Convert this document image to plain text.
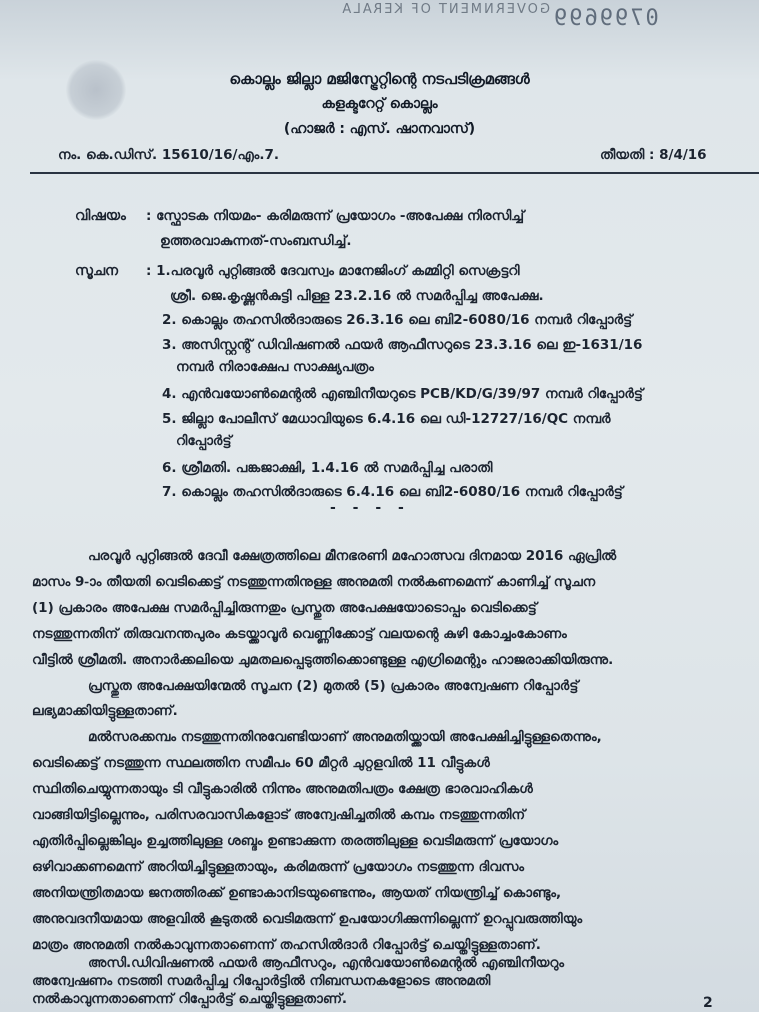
GOVERNMENT OF KERALA 0799699
കൊല്ലം ജില്ലാ മജിസ്ട്രേറ്റിന്റെ നടപടിക്രമങ്ങൾ
കളക്ടറേറ്റ് കൊല്ലം
(ഹാജർ : എസ്. ഷാനവാസ്)
നം. കെ.ഡിസ്. 15610/16/എം.7.	തീയതി : 8/4/16
വിഷയം : സ്ഫോടക നിയമം- കരിമരുന്ന് പ്രയോഗം -അപേക്ഷ നിരസിച്ച്
ഉത്തരവാകുന്നത്-സംബന്ധിച്ച്.
സൂചന : 1.പരവൂർ പുറ്റിങ്ങൽ ദേവസ്വം മാനേജിംഗ് കമ്മിറ്റി സെക്രട്ടറി
ശ്രീ. ജെ.കൃഷ്ണൻകുട്ടി പിള്ള 23.2.16 ൽ സമർപ്പിച്ച അപേക്ഷ.
2. കൊല്ലം തഹസിൽദാരുടെ 26.3.16 ലെ ബി2-6080/16 നമ്പർ റിപ്പോർട്ട്
3. അസിസ്റ്റന്റ് ഡിവിഷണൽ ഫയർ ആഫീസറുടെ 23.3.16 ലെ ഇ-1631/16
നമ്പർ നിരാക്ഷേപ സാക്ഷ്യപത്രം
4. എൻവയോൺമെന്റൽ എഞ്ചിനീയറുടെ PCB/KD/G/39/97 നമ്പർ റിപ്പോർട്ട്
5. ജില്ലാ പോലീസ് മേധാവിയുടെ 6.4.16 ലെ ഡി-12727/16/QC നമ്പർ
റിപ്പോർട്ട്
6. ശ്രീമതി. പങ്കജാക്ഷി, 1.4.16 ൽ സമർപ്പിച്ച പരാതി
7. കൊല്ലം തഹസിൽദാരുടെ 6.4.16 ലെ ബി2-6080/16 നമ്പർ റിപ്പോർട്ട്
- - - -
പരവൂർ പുറ്റിങ്ങൽ ദേവീ ക്ഷേത്രത്തിലെ മീനഭരണി മഹോത്സവ ദിനമായ 2016 ഏപ്രിൽ
മാസം 9-ാം തീയതി വെടിക്കെട്ട് നടത്തുന്നതിനുള്ള അനുമതി നൽകണമെന്ന് കാണിച്ച് സൂചന
(1) പ്രകാരം അപേക്ഷ സമർപ്പിച്ചിരുന്നതും പ്രസ്തുത അപേക്ഷയോടൊപ്പം വെടിക്കെട്ട്
നടത്തുന്നതിന് തിരുവനന്തപുരം കടയ്ക്കാവൂർ വെണ്ണിക്കോട്ട് വലയന്റെ കുഴി കോച്ചംകോണം
വീട്ടിൽ ശ്രീമതി. അനാർക്കലിയെ ചുമതലപ്പെടുത്തിക്കൊണ്ടുള്ള എഗ്രിമെന്റും ഹാജരാക്കിയിരുന്നു.
പ്രസ്തുത അപേക്ഷയിന്മേൽ സൂചന (2) മുതൽ (5) പ്രകാരം അന്വേഷണ റിപ്പോർട്ട്
ലഭ്യമാക്കിയിട്ടുള്ളതാണ്.
മൽസരക്കമ്പം നടത്തുന്നതിനുവേണ്ടിയാണ് അനുമതിയ്ക്കായി അപേക്ഷിച്ചിട്ടുള്ളതെന്നും,
വെടിക്കെട്ട് നടത്തുന്ന സ്ഥലത്തിന സമീപം 60 മീറ്റർ ചുറ്റളവിൽ 11 വീട്ടുകൾ
സ്ഥിതിചെയ്യുന്നതായും ടി വീട്ടുകാരിൽ നിന്നും അനുമതിപത്രം ക്ഷേത്ര ഭാരവാഹികൾ
വാങ്ങിയിട്ടില്ലെന്നും, പരിസരവാസികളോട് അന്വേഷിച്ചതിൽ കമ്പം നടത്തുന്നതിന്
എതിർപ്പില്ലെങ്കിലും ഉച്ചത്തിലുള്ള ശബ്ദം ഉണ്ടാക്കുന്ന തരത്തിലുള്ള വെടിമരുന്ന് പ്രയോഗം
ഒഴിവാക്കണമെന്ന് അറിയിച്ചിട്ടുള്ളതായും, കരിമരുന്ന് പ്രയോഗം നടത്തുന്ന ദിവസം
അനിയന്ത്രിതമായ ജനത്തിരക്ക് ഉണ്ടാകാനിടയുണ്ടെന്നും, ആയത് നിയന്ത്രിച്ച് കൊണ്ടും,
അനുവദനീയമായ അളവിൽ കൂടുതൽ വെടിമരുന്ന് ഉപയോഗിക്കുന്നില്ലെന്ന് ഉറപ്പുവരുത്തിയും
മാത്രം അനുമതി നൽകാവുന്നതാണെന്ന് തഹസിൽദാർ റിപ്പോർട്ട് ചെയ്തിട്ടുള്ളതാണ്.
അസി.ഡിവിഷണൽ ഫയർ ആഫീസറും, എൻവയോൺമെന്റൽ എഞ്ചിനീയറും
അന്വേഷണം നടത്തി സമർപ്പിച്ച റിപ്പോർട്ടിൽ നിബന്ധനകളോടെ അനുമതി
നൽകാവുന്നതാണെന്ന് റിപ്പോർട്ട് ചെയ്തിട്ടുള്ളതാണ്.	2
